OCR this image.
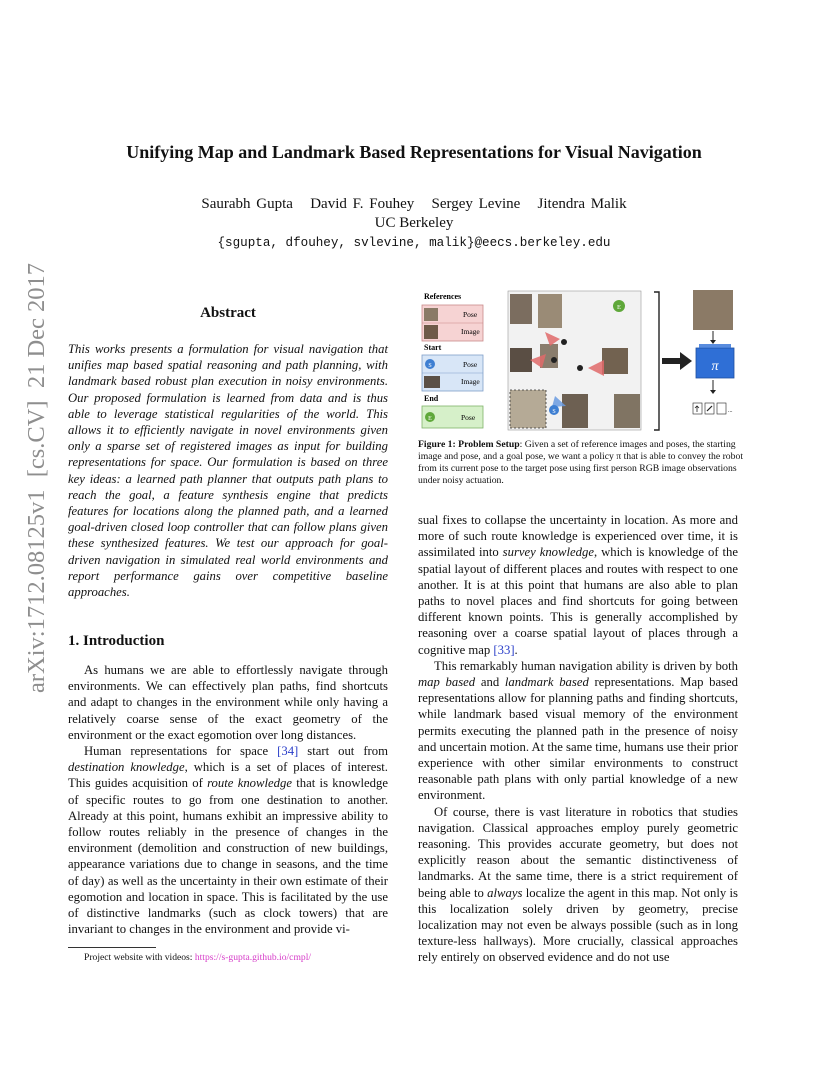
Unifying Map and Landmark Based Representations for Visual Navigation
Saurabh Gupta   David F. Fouhey   Sergey Levine   Jitendra Malik
UC Berkeley
{sgupta, dfouhey, svlevine, malik}@eecs.berkeley.edu
arXiv:1712.08125v1  [cs.CV]  21 Dec 2017	Abstract
This works presents a formulation for visual navigation that unifies map based spatial reasoning and path planning, with landmark based robust plan execution in noisy environments. Our proposed formulation is learned from data and is thus able to leverage statistical regularities of the world. This allows it to efficiently navigate in novel environments given only a sparse set of registered images as input for building representations for space. Our formulation is based on three key ideas: a learned path planner that outputs path plans to reach the goal, a feature synthesis engine that predicts features for locations along the planned path, and a learned goal-driven closed loop controller that can follow plans given these synthesized features. We test our approach for goal-driven navigation in simulated real world environments and report performance gains over competitive baseline approaches.
1. Introduction

As humans we are able to effortlessly navigate through environments. We can effectively plan paths, find shortcuts and adapt to changes in the environment while only having a relatively coarse sense of the exact geometry of the environment or the exact egomotion over long distances.

Human representations for space [34] start out from destination knowledge, which is a set of places of interest. This guides acquisition of route knowledge that is knowledge of specific routes to go from one destination to another. Already at this point, humans exhibit an impressive ability to follow routes reliably in the presence of changes in the environment (demolition and construction of new buildings, appearance variations due to change in seasons, and the time of day) as well as the uncertainty in their own estimate of their egomotion and location in space. This is facilitated by the use of distinctive landmarks (such as clock towers) that are invariant to changes in the environment and provide vi-

Project website with videos: https://s-gupta.github.io/cmpl/
References
Pose
Image
Start
S	Pose
Image
End
E	Pose
E
S
π
...
Figure 1: Problem Setup: Given a set of reference images and poses, the starting image and pose, and a goal pose, we want a policy π that is able to convey the robot from its current pose to the target pose using first person RGB image observations under noisy actuation.

sual fixes to collapse the uncertainty in location. As more and more of such route knowledge is experienced over time, it is assimilated into survey knowledge, which is knowledge of the spatial layout of different places and routes with respect to one another. It is at this point that humans are also able to plan paths to novel places and find shortcuts for going between different known points. This is generally accomplished by reasoning over a coarse spatial layout of places through a cognitive map [33].

This remarkably human navigation ability is driven by both map based and landmark based representations. Map based representations allow for planning paths and finding shortcuts, while landmark based visual memory of the environment permits executing the planned path in the presence of noisy and uncertain motion. At the same time, humans use their prior experience with other similar environments to construct reasonable path plans with only partial knowledge of a new environment.

Of course, there is vast literature in robotics that studies navigation. Classical approaches employ purely geometric reasoning. This provides accurate geometry, but does not explicitly reason about the semantic distinctiveness of landmarks. At the same time, there is a strict requirement of being able to always localize the agent in this map. Not only is this localization solely driven by geometry, precise localization may not even be always possible (such as in long texture-less hallways). More crucially, classical approaches rely entirely on observed evidence and do not use
